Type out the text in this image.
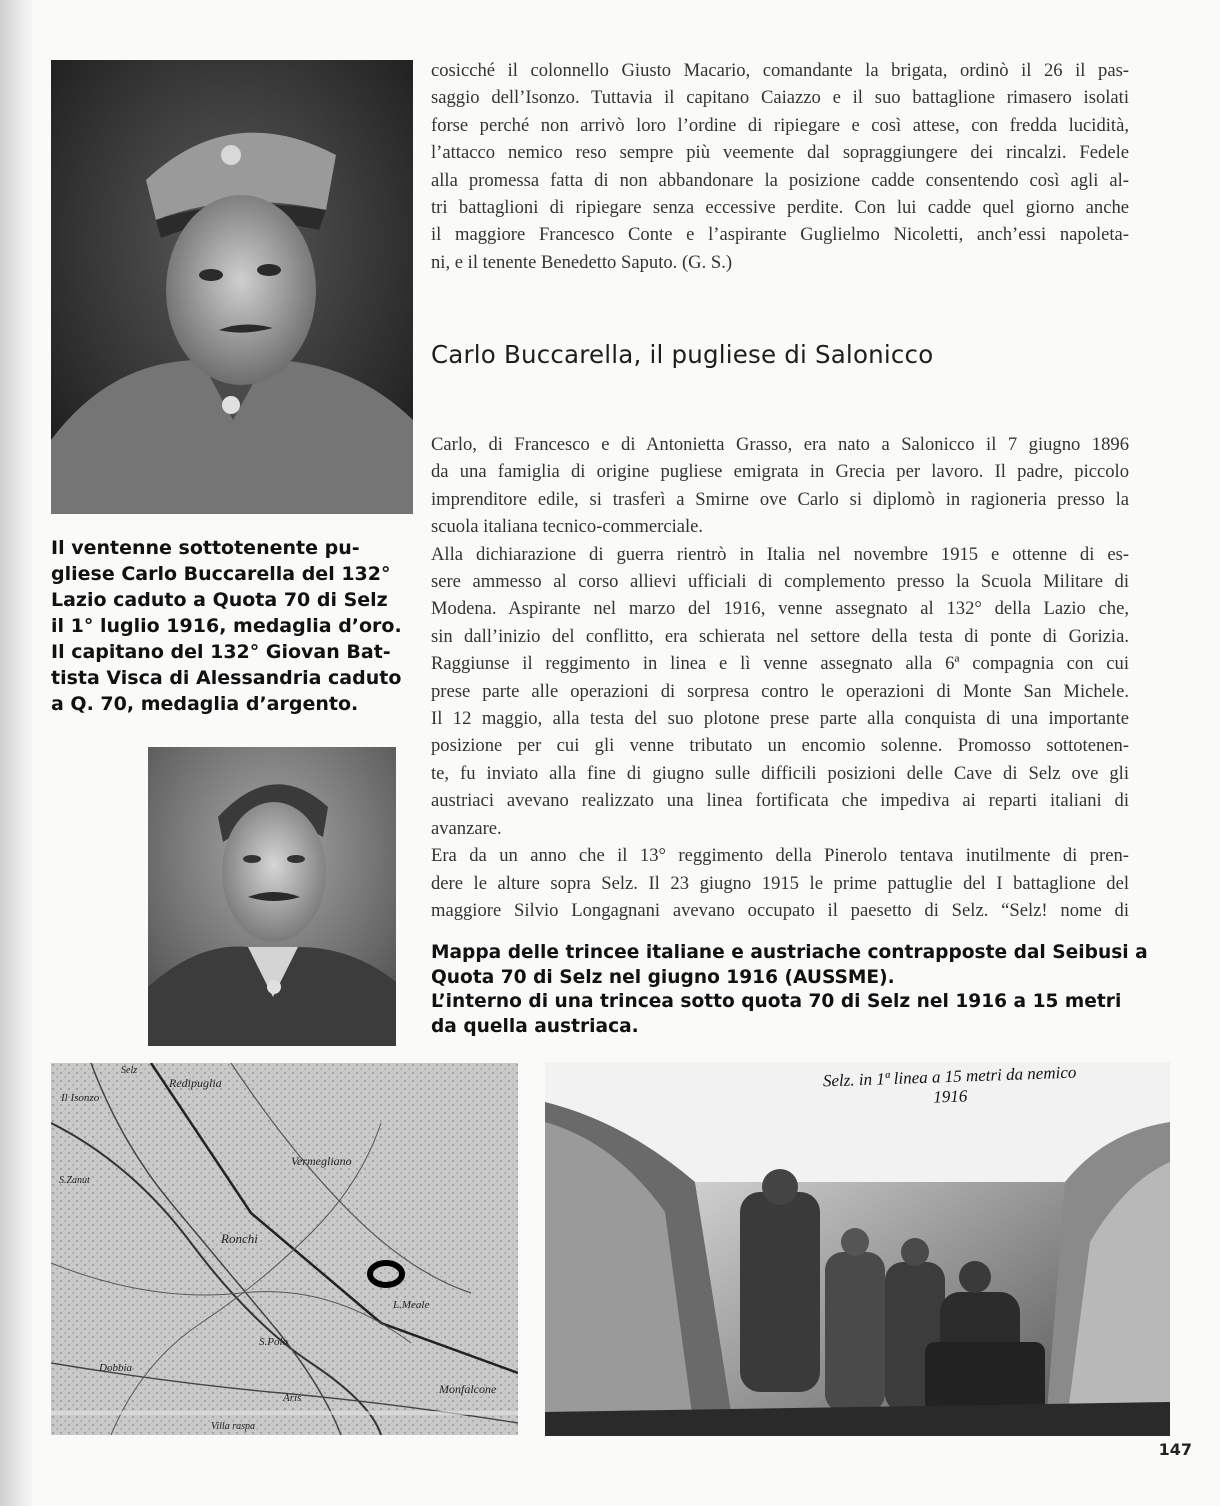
Il Isonzo
Redipuglia
Selz
Vermegliano
Ronchi
S.Zanut
S.Polo
L.Meale
Dobbia
Aris
Monfalcone
Villa raspa
Selz. in 1ª linea a 15 metri da nemico
1916
cosicché il colonnello Giusto Macario, comandante la brigata, ordinò il 26 il pas-
saggio dell’Isonzo. Tuttavia il capitano Caiazzo e il suo battaglione rimasero isolati
forse perché non arrivò loro l’ordine di ripiegare e così attese, con fredda lucidità,
l’attacco nemico reso sempre più veemente dal sopraggiungere dei rincalzi. Fedele
alla promessa fatta di non abbandonare la posizione cadde consentendo così agli al-
tri battaglioni di ripiegare senza eccessive perdite. Con lui cadde quel giorno anche
il maggiore Francesco Conte e l’aspirante Guglielmo Nicoletti, anch’essi napoleta-
ni, e il tenente Benedetto Saputo. (G. S.)
Carlo Buccarella, il pugliese di Salonicco
Carlo, di Francesco e di Antonietta Grasso, era nato a Salonicco il 7 giugno 1896
da una famiglia di origine pugliese emigrata in Grecia per lavoro. Il padre, piccolo
imprenditore edile, si trasferì a Smirne ove Carlo si diplomò in ragioneria presso la
scuola italiana tecnico-commerciale.
Alla dichiarazione di guerra rientrò in Italia nel novembre 1915 e ottenne di es-
sere ammesso al corso allievi ufficiali di complemento presso la Scuola Militare di
Modena. Aspirante nel marzo del 1916, venne assegnato al 132° della Lazio che,
sin dall’inizio del conflitto, era schierata nel settore della testa di ponte di Gorizia.
Raggiunse il reggimento in linea e lì venne assegnato alla 6ª compagnia con cui
prese parte alle operazioni di sorpresa contro le operazioni di Monte San Michele.
Il 12 maggio, alla testa del suo plotone prese parte alla conquista di una importante
posizione per cui gli venne tributato un encomio solenne. Promosso sottotenen-
te, fu inviato alla fine di giugno sulle difficili posizioni delle Cave di Selz ove gli
austriaci avevano realizzato una linea fortificata che impediva ai reparti italiani di
avanzare.
Era da un anno che il 13° reggimento della Pinerolo tentava inutilmente di pren-
dere le alture sopra Selz. Il 23 giugno 1915 le prime pattuglie del I battaglione del
maggiore Silvio Longagnani avevano occupato il paesetto di Selz. “Selz! nome di
Il ventenne sottotenente pu-
gliese Carlo Buccarella del 132°
Lazio caduto a Quota 70 di Selz
il 1° luglio 1916, medaglia d’oro.
Il capitano del 132° Giovan Bat-
tista Visca di Alessandria caduto
a Q. 70, medaglia d’argento.
Mappa delle trincee italiane e austriache contrapposte dal Seibusi a
Quota 70 di Selz nel giugno 1916 (AUSSME).
L’interno di una trincea sotto quota 70 di Selz nel 1916 a 15 metri
da quella austriaca.
147
